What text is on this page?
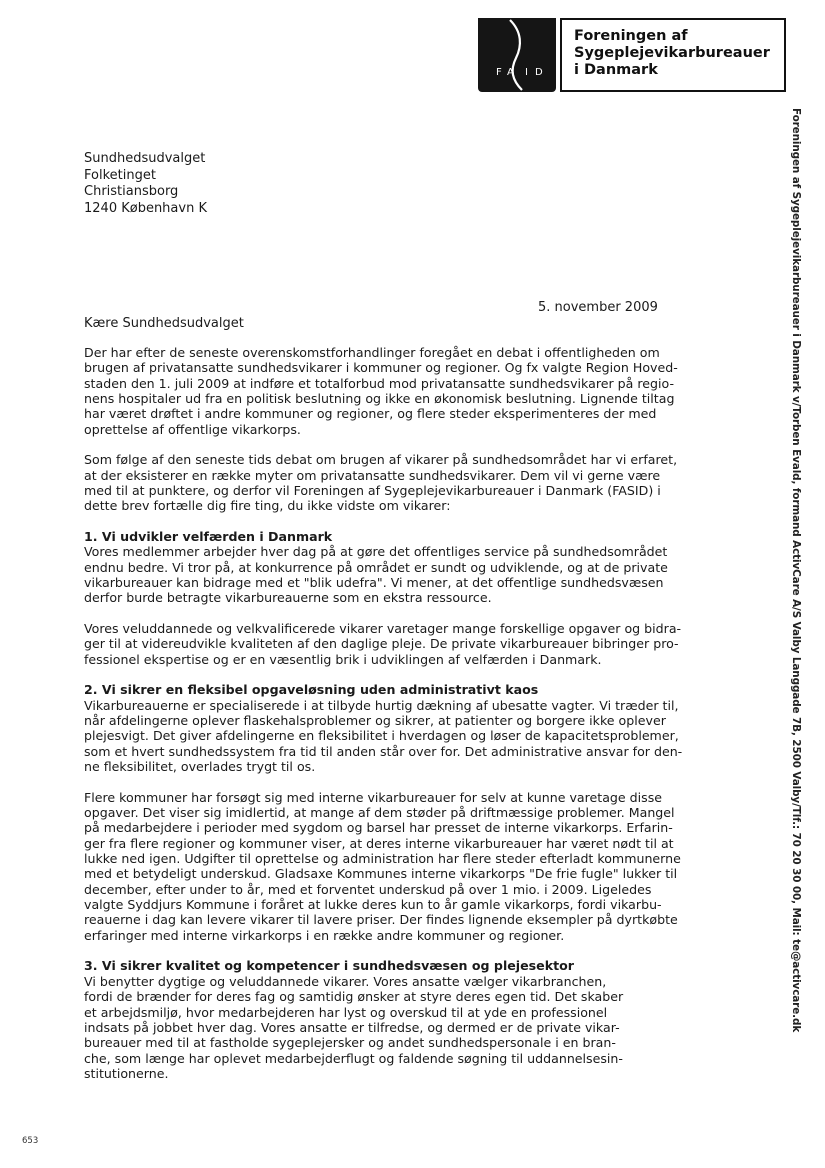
F A I D
Foreningen af
Sygeplejevikarbureauer
i Danmark
Foreningen af Sygeplejevikarbureauer i Danmark v/Torben Evald, formand ActivCare A/S Valby Langgade 7B, 2500 Valby/Tlf.: 70 20 30 00, Mail: te@activcare.dk
Sundhedsudvalget
Folketinget
Christiansborg
1240 København K
5. november 2009
Kære Sundhedsudvalget
Der har efter de seneste overenskomstforhandlinger foregået en debat i offentligheden om
brugen af privatansatte sundhedsvikarer i kommuner og regioner. Og fx valgte Region Hoved-
staden den 1. juli 2009 at indføre et totalforbud mod privatansatte sundhedsvikarer på regio-
nens hospitaler ud fra en politisk beslutning og ikke en økonomisk beslutning. Lignende tiltag
har været drøftet i andre kommuner og regioner, og flere steder eksperimenteres der med
oprettelse af offentlige vikarkorps.
Som følge af den seneste tids debat om brugen af vikarer på sundhedsområdet har vi erfaret,
at der eksisterer en række myter om privatansatte sundhedsvikarer. Dem vil vi gerne være
med til at punktere, og derfor vil Foreningen af Sygeplejevikarbureauer i Danmark (FASID) i
dette brev fortælle dig fire ting, du ikke vidste om vikarer:
1. Vi udvikler velfærden i Danmark
Vores medlemmer arbejder hver dag på at gøre det offentliges service på sundhedsområdet
endnu bedre. Vi tror på, at konkurrence på området er sundt og udviklende, og at de private
vikarbureauer kan bidrage med et "blik udefra". Vi mener, at det offentlige sundhedsvæsen
derfor burde betragte vikarbureauerne som en ekstra ressource.
Vores veluddannede og velkvalificerede vikarer varetager mange forskellige opgaver og bidra-
ger til at videreudvikle kvaliteten af den daglige pleje. De private vikarbureauer bibringer pro-
fessionel ekspertise og er en væsentlig brik i udviklingen af velfærden i Danmark.
2. Vi sikrer en fleksibel opgaveløsning uden administrativt kaos
Vikarbureauerne er specialiserede i at tilbyde hurtig dækning af ubesatte vagter. Vi træder til,
når afdelingerne oplever flaskehalsproblemer og sikrer, at patienter og borgere ikke oplever
plejesvigt. Det giver afdelingerne en fleksibilitet i hverdagen og løser de kapacitetsproblemer,
som et hvert sundhedssystem fra tid til anden står over for. Det administrative ansvar for den-
ne fleksibilitet, overlades trygt til os.
Flere kommuner har forsøgt sig med interne vikarbureauer for selv at kunne varetage disse
opgaver. Det viser sig imidlertid, at mange af dem støder på driftmæssige problemer. Mangel
på medarbejdere i perioder med sygdom og barsel har presset de interne vikarkorps. Erfarin-
ger fra flere regioner og kommuner viser, at deres interne vikarbureauer har været nødt til at
lukke ned igen. Udgifter til oprettelse og administration har flere steder efterladt kommunerne
med et betydeligt underskud. Gladsaxe Kommunes interne vikarkorps "De frie fugle" lukker til
december, efter under to år, med et forventet underskud på over 1 mio. i 2009. Ligeledes
valgte Syddjurs Kommune i foråret at lukke deres kun to år gamle vikarkorps, fordi vikarbu-
reauerne i dag kan levere vikarer til lavere priser. Der findes lignende eksempler på dyrtkøbte
erfaringer med interne virkarkorps i en række andre kommuner og regioner.
3. Vi sikrer kvalitet og kompetencer i sundhedsvæsen og plejesektor
Vi benytter dygtige og veluddannede vikarer. Vores ansatte vælger vikarbranchen,
fordi de brænder for deres fag og samtidig ønsker at styre deres egen tid. Det skaber
et arbejdsmiljø, hvor medarbejderen har lyst og overskud til at yde en professionel
indsats på jobbet hver dag. Vores ansatte er tilfredse, og dermed er de private vikar-
bureauer med til at fastholde sygeplejersker og andet sundhedspersonale i en bran-
che, som længe har oplevet medarbejderflugt og faldende søgning til uddannelsesin-
stitutionerne.
653
